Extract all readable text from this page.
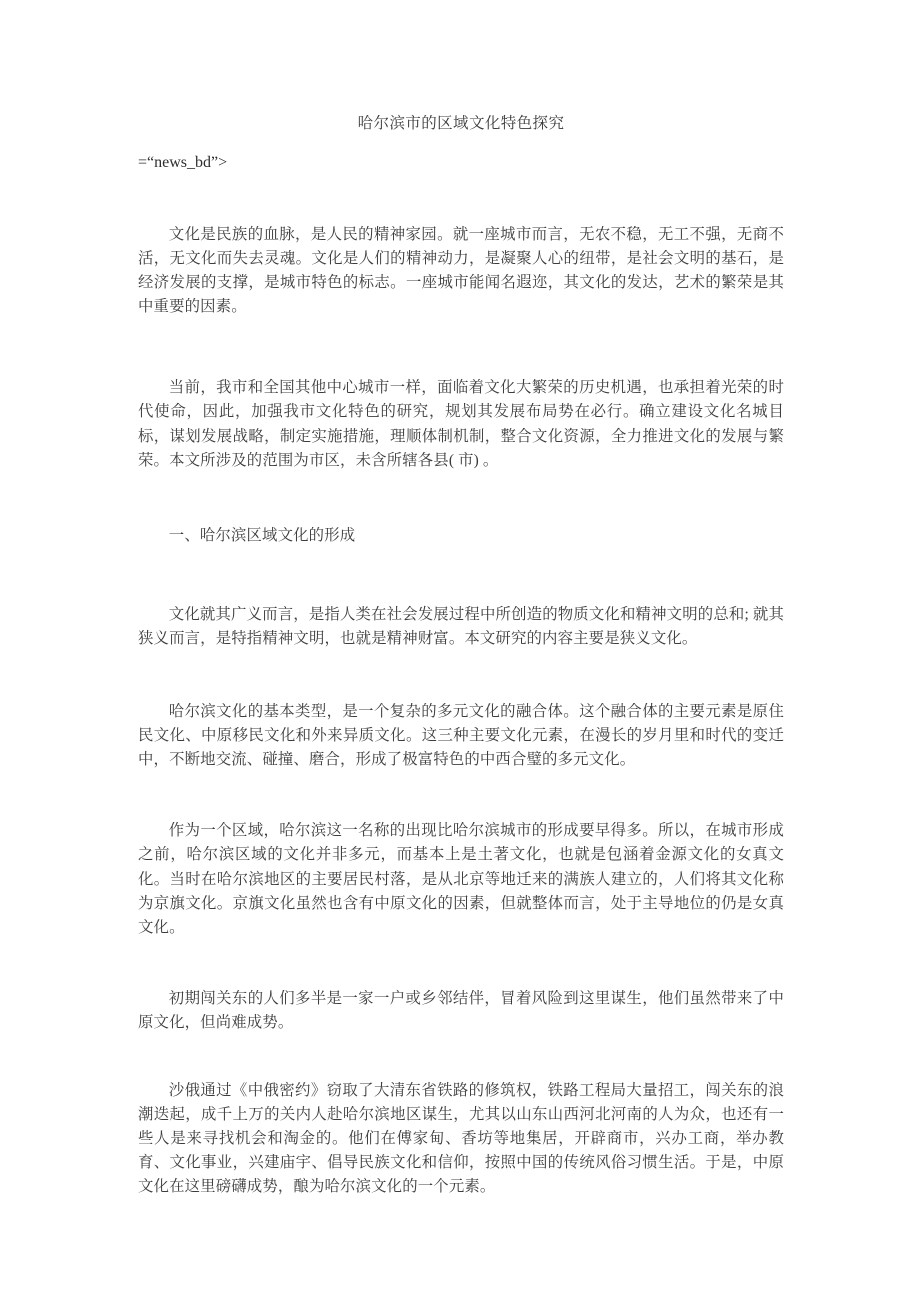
哈尔滨市的区域文化特色探究
=“news_bd”>

文化是民族的血脉，是人民的精神家园。就一座城市而言，无农不稳，无工不强，无商不活，无文化而失去灵魂。文化是人们的精神动力，是凝聚人心的纽带，是社会文明的基石，是经济发展的支撑，是城市特色的标志。一座城市能闻名遐迩，其文化的发达，艺术的繁荣是其中重要的因素。

当前，我市和全国其他中心城市一样，面临着文化大繁荣的历史机遇，也承担着光荣的时代使命，因此，加强我市文化特色的研究，规划其发展布局势在必行。确立建设文化名城目标，谋划发展战略，制定实施措施，理顺体制机制，整合文化资源，全力推进文化的发展与繁荣。本文所涉及的范围为市区，未含所辖各县( 市) 。

一、哈尔滨区域文化的形成

文化就其广义而言，是指人类在社会发展过程中所创造的物质文化和精神文明的总和; 就其狭义而言，是特指精神文明，也就是精神财富。本文研究的内容主要是狭义文化。

哈尔滨文化的基本类型，是一个复杂的多元文化的融合体。这个融合体的主要元素是原住民文化、中原移民文化和外来异质文化。这三种主要文化元素，在漫长的岁月里和时代的变迁中，不断地交流、碰撞、磨合，形成了极富特色的中西合璧的多元文化。

作为一个区域，哈尔滨这一名称的出现比哈尔滨城市的形成要早得多。所以，在城市形成之前，哈尔滨区域的文化并非多元，而基本上是土著文化，也就是包涵着金源文化的女真文化。当时在哈尔滨地区的主要居民村落，是从北京等地迁来的满族人建立的，人们将其文化称为京旗文化。京旗文化虽然也含有中原文化的因素，但就整体而言，处于主导地位的仍是女真文化。

初期闯关东的人们多半是一家一户或乡邻结伴，冒着风险到这里谋生，他们虽然带来了中原文化，但尚难成势。

沙俄通过《中俄密约》窃取了大清东省铁路的修筑权，铁路工程局大量招工，闯关东的浪潮迭起，成千上万的关内人赴哈尔滨地区谋生，尤其以山东山西河北河南的人为众，也还有一些人是来寻找机会和淘金的。他们在傅家甸、香坊等地集居，开辟商市，兴办工商，举办教育、文化事业，兴建庙宇、倡导民族文化和信仰，按照中国的传统风俗习惯生活。于是，中原文化在这里磅礴成势，酿为哈尔滨文化的一个元素。
